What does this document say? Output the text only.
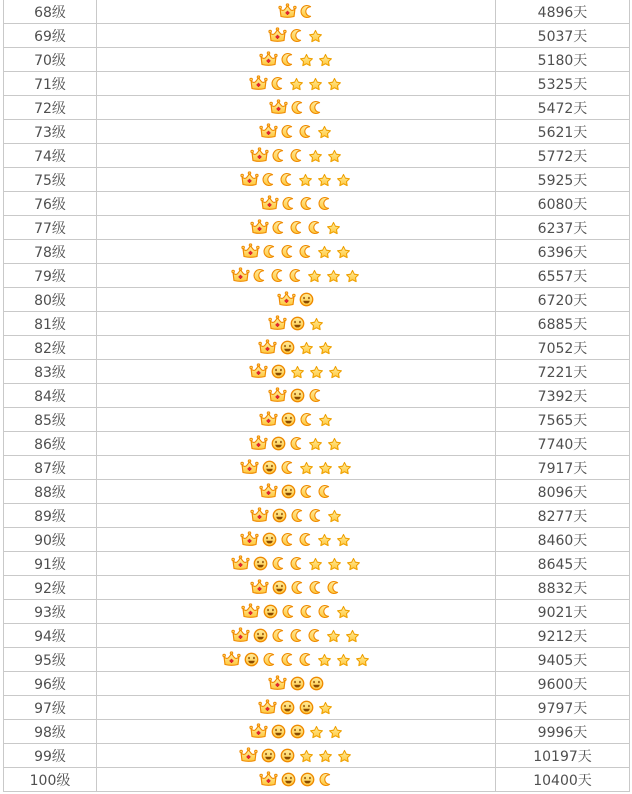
68级		4896天
69级		5037天
70级		5180天
71级		5325天
72级		5472天
73级		5621天
74级		5772天
75级		5925天
76级		6080天
77级		6237天
78级		6396天
79级		6557天
80级		6720天
81级		6885天
82级		7052天
83级		7221天
84级		7392天
85级		7565天
86级		7740天
87级		7917天
88级		8096天
89级		8277天
90级		8460天
91级		8645天
92级		8832天
93级		9021天
94级		9212天
95级		9405天
96级		9600天
97级		9797天
98级		9996天
99级		10197天
100级		10400天
